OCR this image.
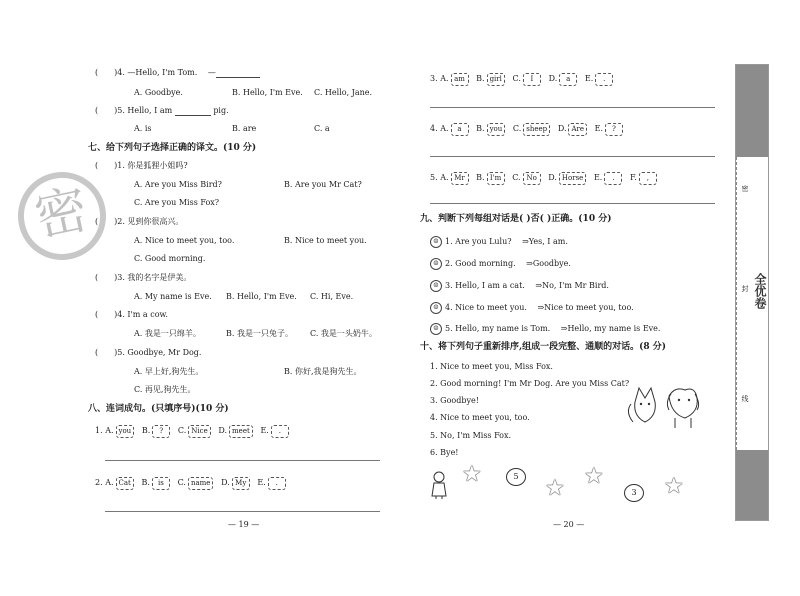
(　　)4. —Hello, I'm Tom. 　—
A. Goodbye.	B. Hello, I'm Eve. C. Hello, Jane.
(　　)5. Hello, I am	pig.
A. is	B. are	C. a
七、给下列句子选择正确的译文。(10 分)
(　　)1. 你是狐狸小姐吗?
A. Are you Miss Bird?	B. Are you Mr Cat?
C. Are you Miss Fox?
(　　)2. 见到你很高兴。
A. Nice to meet you, too.	B. Nice to meet you.
C. Good morning.
(　　)3. 我的名字是伊美。
A. My name is Eve. B. Hello, I'm Eve. C. Hi, Eve.
(　　)4. I'm a cow.
A. 我是一只绵羊。	B. 我是一只兔子。 C. 我是一头奶牛。
(　　)5. Goodbye, Mr Dog.
A. 早上好,狗先生。	B. 你好,我是狗先生。
C. 再见,狗先生。
八、连词成句。(只填序号)(10 分)
1. A. you B. ? C. Nice D. meet E. .
2. A. Cat B. is C. name D. My E. .
— 19 —
密
3. A. am B. girl C. I D. a E. .
4. A. a B. you C. sheep D. Are E. ?
5. A. Mr B. I'm C. No D. Horse E. . F. ,
九、判断下列每组对话是( )否( )正确。(10 分)
☺ 1. Are you Lulu? 　⇒Yes, I am.
☺ 2. Good morning. 　⇒Goodbye.
☺ 3. Hello, I am a cat. 　⇒No, I'm Mr Bird.
☺ 4. Nice to meet you. 　⇒Nice to meet you, too.
☺ 5. Hello, my name is Tom. 　⇒Hello, my name is Eve.
十、将下列句子重新排序,组成一段完整、通顺的对话。(8 分)
1. Nice to meet you, Miss Fox.
2. Good morning! I'm Mr Dog. Are you Miss Cat?
3. Goodbye!
4. Nice to meet you, too.
5. No, I'm Miss Fox.
6. Bye!
★	5	★ ★
3	★
— 20 —
密
封
线
全优卷
